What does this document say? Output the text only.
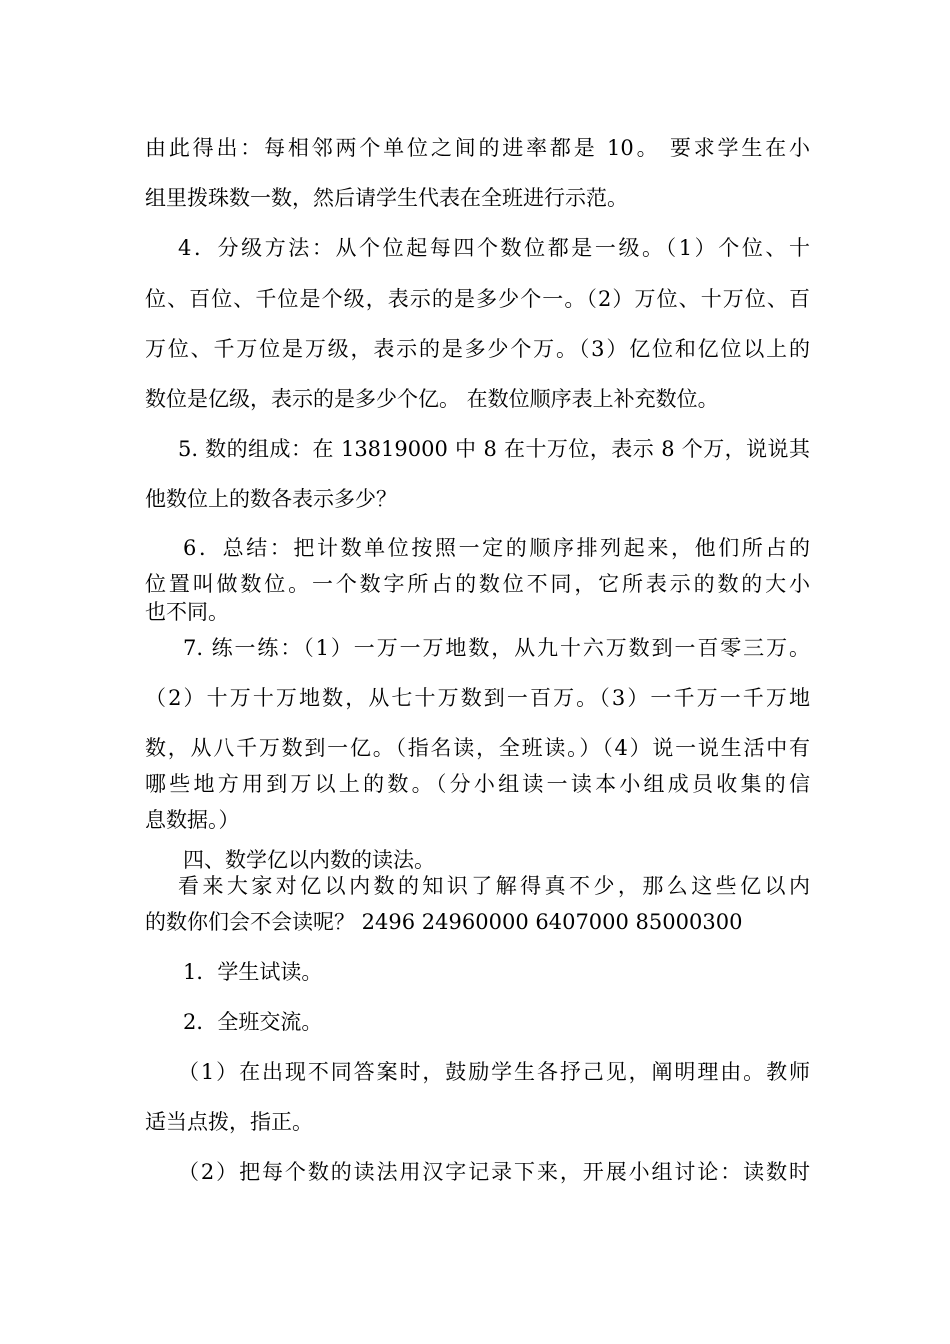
由此得出：每相邻两个单位之间的进率都是 10。 要求学生在小
组里拨珠数一数，然后请学生代表在全班进行示范。
4．分级方法：从个位起每四个数位都是一级。（1）个位、十
位、百位、千位是个级，表示的是多少个一。（2）万位、十万位、百
万位、千万位是万级，表示的是多少个万。（3）亿位和亿位以上的
数位是亿级，表示的是多少个亿。 在数位顺序表上补充数位。
5. 数的组成：在 13819000 中 8 在十万位，表示 8 个万，说说其
他数位上的数各表示多少？
6．总结：把计数单位按照一定的顺序排列起来，他们所占的
位置叫做数位。一个数字所占的数位不同，它所表示的数的大小
也不同。
7. 练一练：（1）一万一万地数，从九十六万数到一百零三万。
（2）十万十万地数，从七十万数到一百万。（3）一千万一千万地
数，从八千万数到一亿。（指名读，全班读。）（4）说一说生活中有
哪些地方用到万以上的数。（分小组读一读本小组成员收集的信
息数据。）
四、数学亿以内数的读法。
看来大家对亿以内数的知识了解得真不少，那么这些亿以内
的数你们会不会读呢？ 2496 24960000 6407000 85000300
1．学生试读。
2．全班交流。
（1）在出现不同答案时，鼓励学生各抒己见，阐明理由。教师
适当点拨，指正。
（2）把每个数的读法用汉字记录下来，开展小组讨论：读数时
